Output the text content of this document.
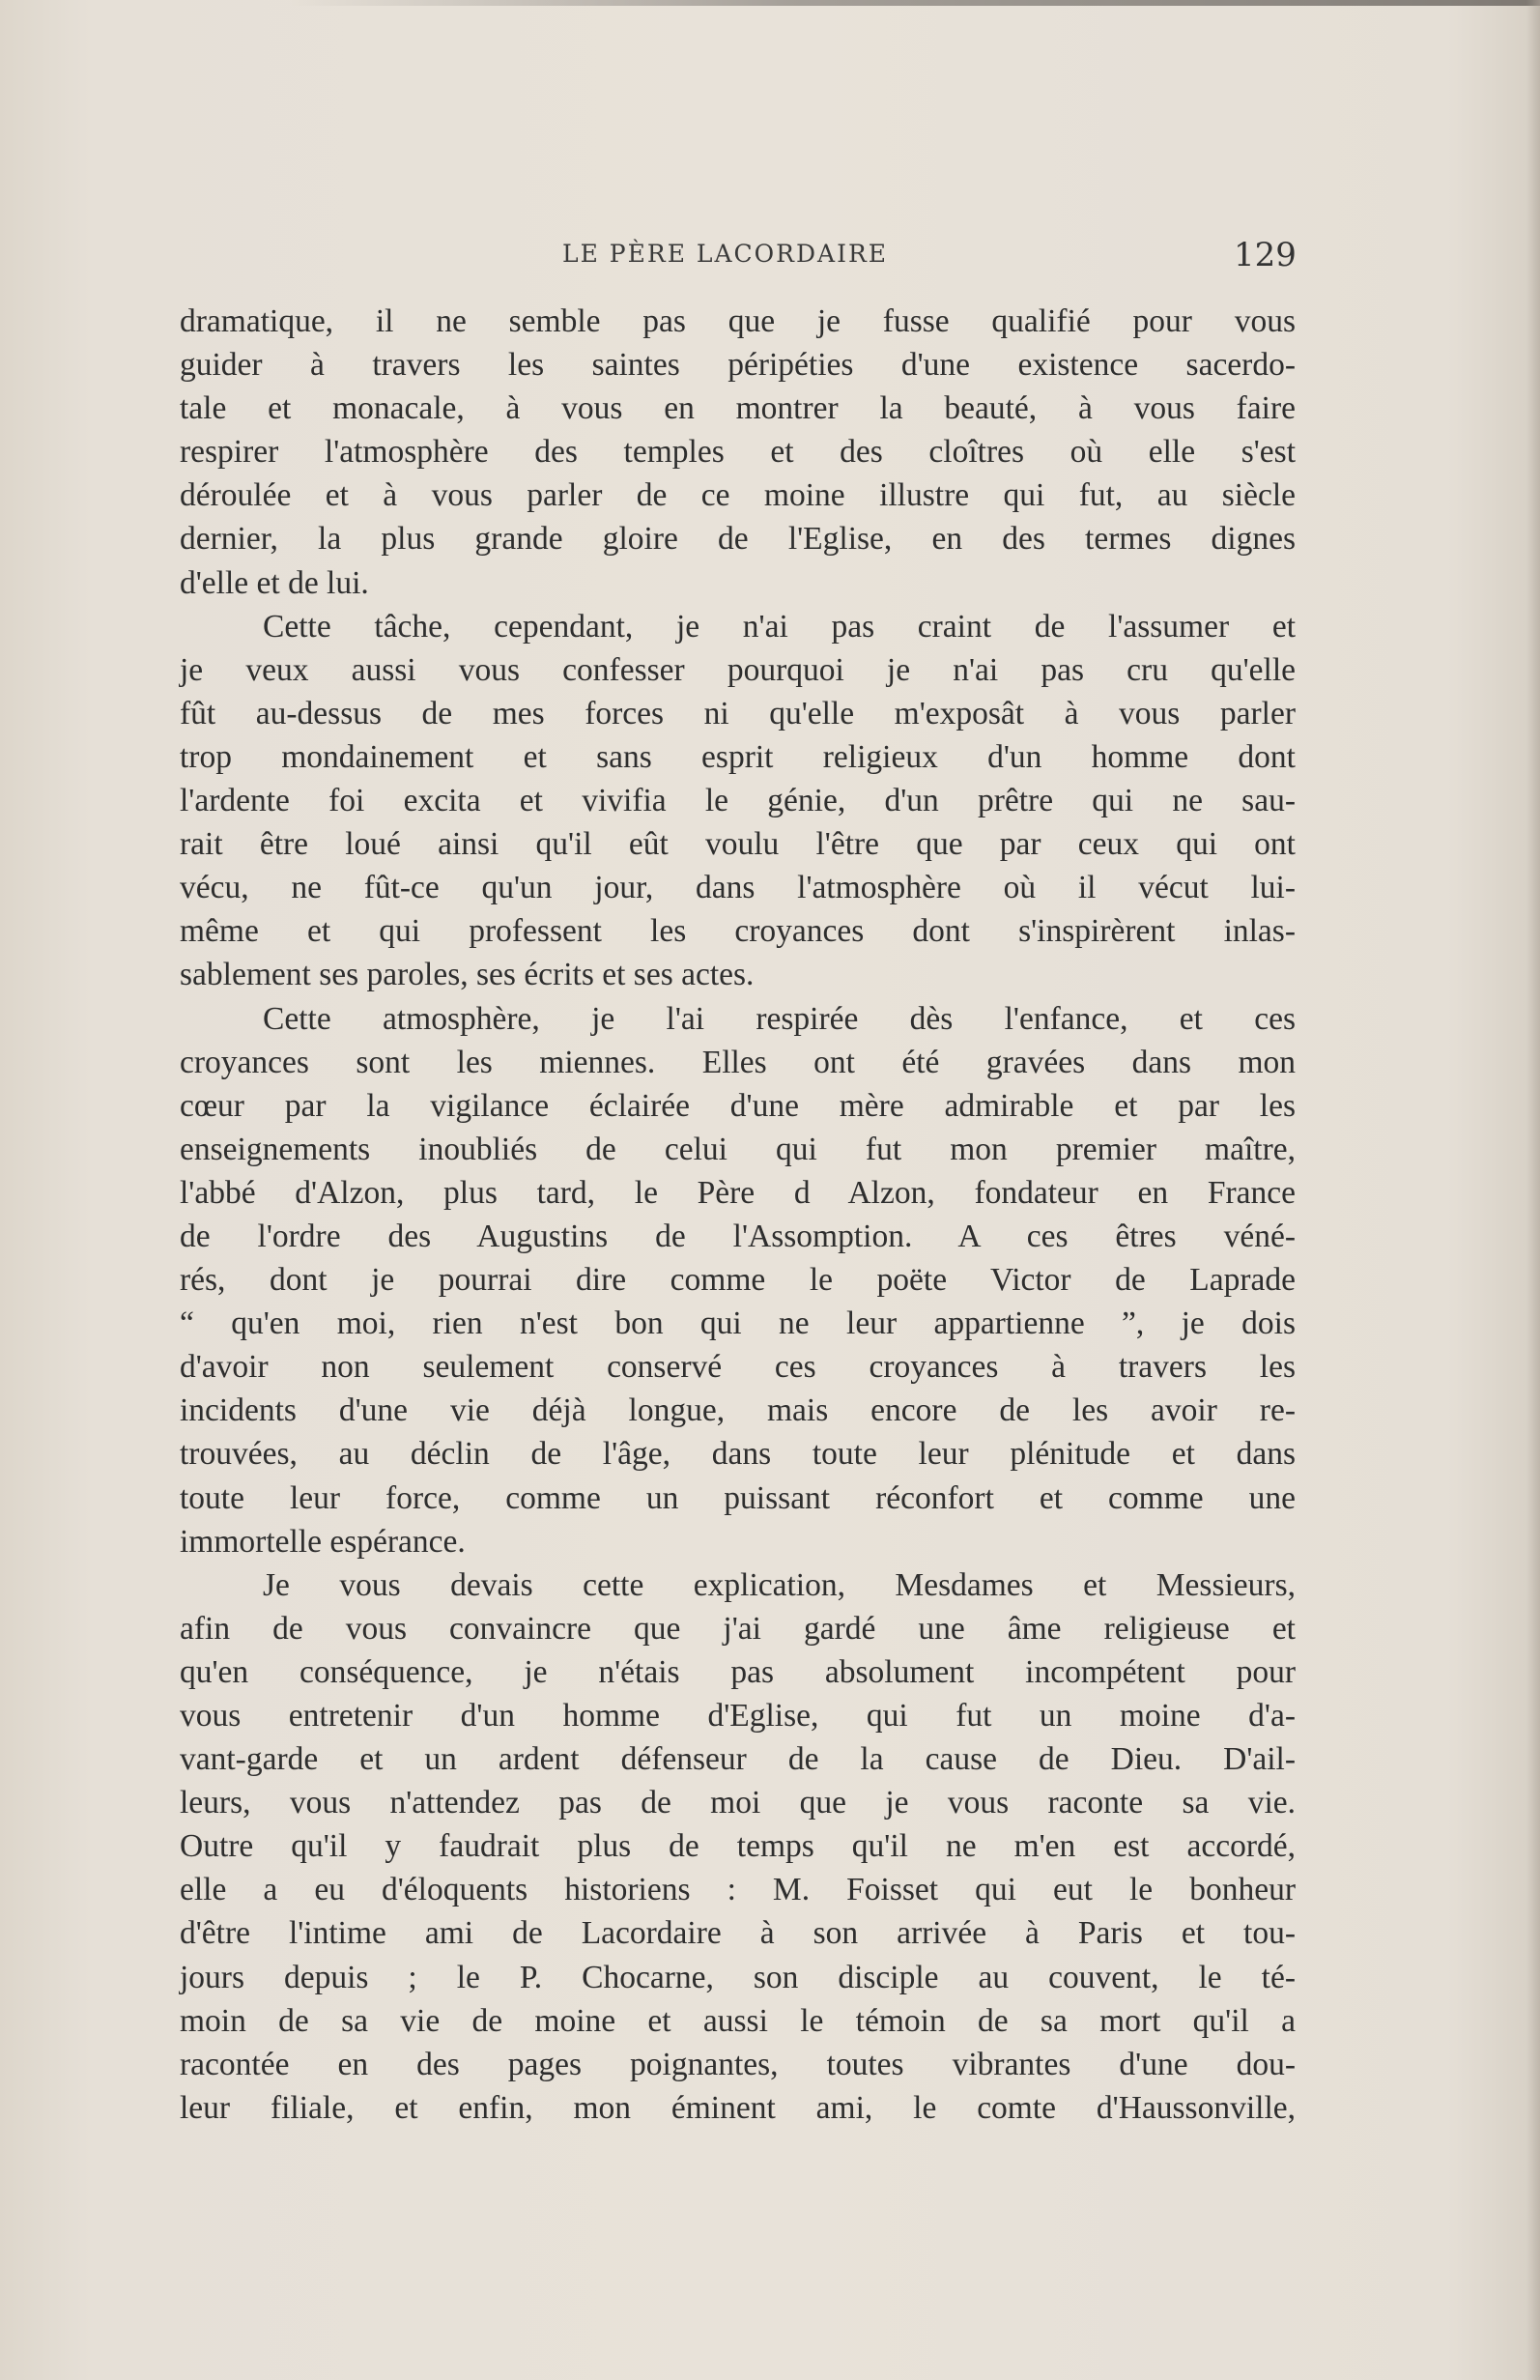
LE PÈRE LACORDAIRE	129
dramatique, il ne semble pas que je fusse qualifié pour vous
guider à travers les saintes péripéties d'une existence sacerdo-
tale et monacale, à vous en montrer la beauté, à vous faire
respirer l'atmosphère des temples et des cloîtres où elle s'est
déroulée et à vous parler de ce moine illustre qui fut, au siècle
dernier, la plus grande gloire de l'Eglise, en des termes dignes
d'elle et de lui.
Cette tâche, cependant, je n'ai pas craint de l'assumer et
je veux aussi vous confesser pourquoi je n'ai pas cru qu'elle
fût au-dessus de mes forces ni qu'elle m'exposât à vous parler
trop mondainement et sans esprit religieux d'un homme dont
l'ardente foi excita et vivifia le génie, d'un prêtre qui ne sau-
rait être loué ainsi qu'il eût voulu l'être que par ceux qui ont
vécu, ne fût-ce qu'un jour, dans l'atmosphère où il vécut lui-
même et qui professent les croyances dont s'inspirèrent inlas-
sablement ses paroles, ses écrits et ses actes.
Cette atmosphère, je l'ai respirée dès l'enfance, et ces
croyances sont les miennes. Elles ont été gravées dans mon
cœur par la vigilance éclairée d'une mère admirable et par les
enseignements inoubliés de celui qui fut mon premier maître,
l'abbé d'Alzon, plus tard, le Père d Alzon, fondateur en France
de l'ordre des Augustins de l'Assomption. A ces êtres véné-
rés, dont je pourrai dire comme le poëte Victor de Laprade
“ qu'en moi, rien n'est bon qui ne leur appartienne ”, je dois
d'avoir non seulement conservé ces croyances à travers les
incidents d'une vie déjà longue, mais encore de les avoir re-
trouvées, au déclin de l'âge, dans toute leur plénitude et dans
toute leur force, comme un puissant réconfort et comme une
immortelle espérance.
Je vous devais cette explication, Mesdames et Messieurs,
afin de vous convaincre que j'ai gardé une âme religieuse et
qu'en conséquence, je n'étais pas absolument incompétent pour
vous entretenir d'un homme d'Eglise, qui fut un moine d'a-
vant-garde et un ardent défenseur de la cause de Dieu. D'ail-
leurs, vous n'attendez pas de moi que je vous raconte sa vie.
Outre qu'il y faudrait plus de temps qu'il ne m'en est accordé,
elle a eu d'éloquents historiens : M. Foisset qui eut le bonheur
d'être l'intime ami de Lacordaire à son arrivée à Paris et tou-
jours depuis ; le P. Chocarne, son disciple au couvent, le té-
moin de sa vie de moine et aussi le témoin de sa mort qu'il a
racontée en des pages poignantes, toutes vibrantes d'une dou-
leur filiale, et enfin, mon éminent ami, le comte d'Haussonville,
